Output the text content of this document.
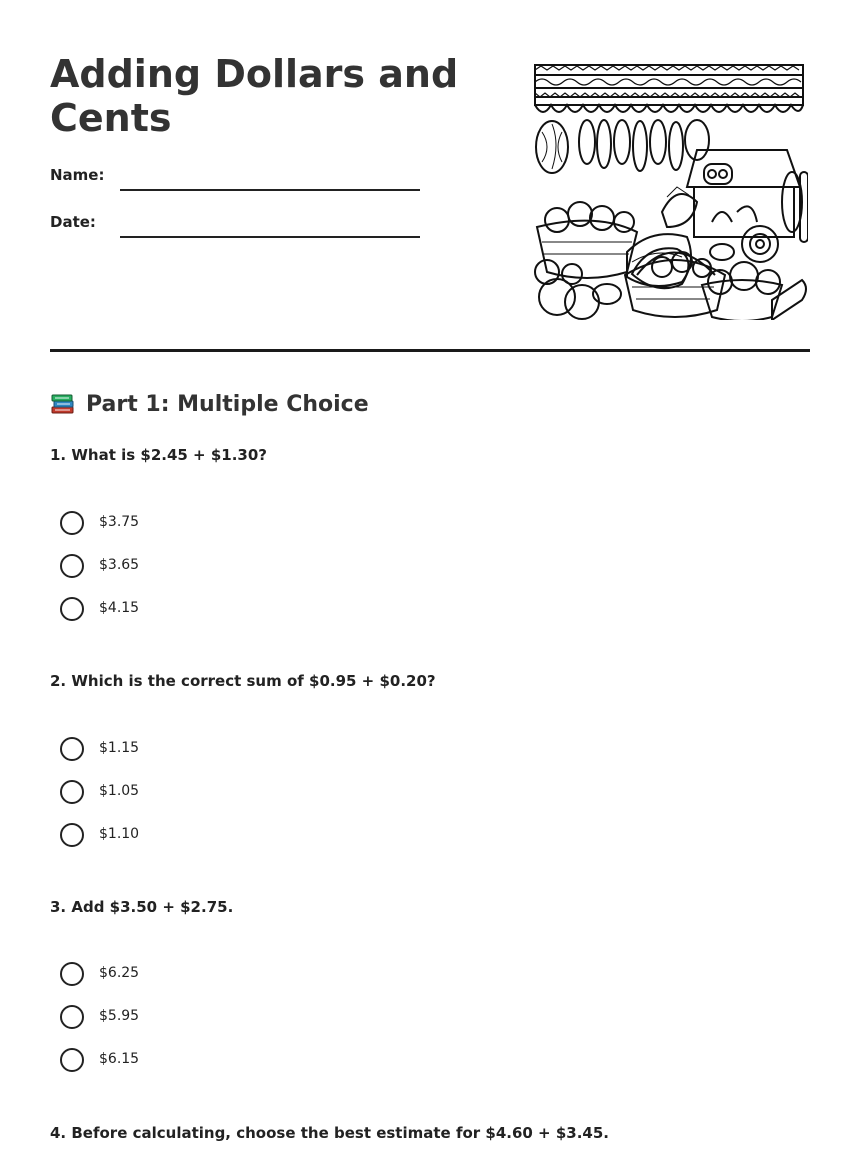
Adding Dollars and Cents
Name:
Date:
Part 1: Multiple Choice
1. What is $2.45 + $1.30?
$3.75
$3.65
$4.15
2. Which is the correct sum of $0.95 + $0.20?
$1.15
$1.05
$1.10
3. Add $3.50 + $2.75.
$6.25
$5.95
$6.15
4. Before calculating, choose the best estimate for $4.60 + $3.45.
